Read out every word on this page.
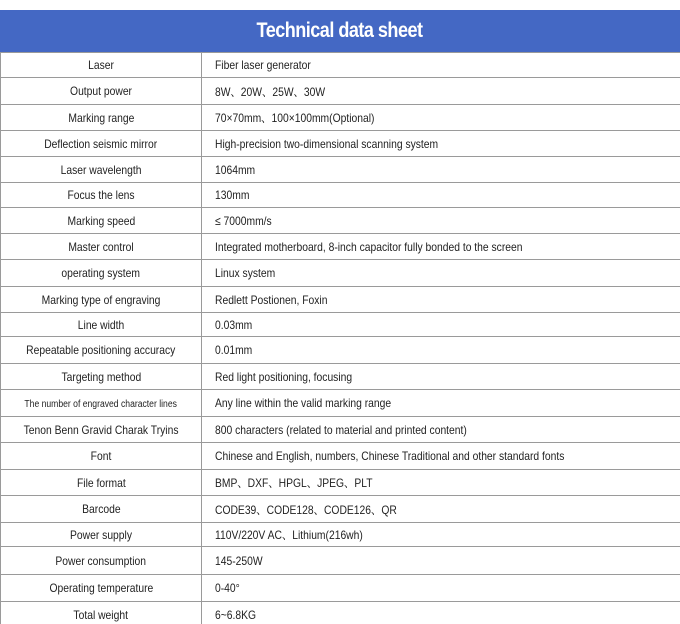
Technical data sheet
Laser	Fiber laser generator
Output power	8W、20W、25W、30W
Marking range	70×70mm、100×100mm(Optional)
Deflection seismic mirror	High-precision two-dimensional scanning system
Laser wavelength	1064mm
Focus the lens	130mm
Marking speed	≤ 7000mm/s
Master control	Integrated motherboard, 8-inch capacitor fully bonded to the screen
operating system	Linux system
Marking type of engraving	Redlett Postionen, Foxin
Line width	0.03mm
Repeatable positioning accuracy	0.01mm
Targeting method	Red light positioning, focusing
The number of engraved character lines	Any line within the valid marking range
Tenon Benn Gravid Charak Tryins	800 characters (related to material and printed content)
Font	Chinese and English, numbers, Chinese Traditional and other standard fonts
File format	BMP、DXF、HPGL、JPEG、PLT
Barcode	CODE39、CODE128、CODE126、QR
Power supply	110V/220V AC、Lithium(216wh)
Power consumption	145-250W
Operating temperature	0-40°
Total weight	6~6.8KG
